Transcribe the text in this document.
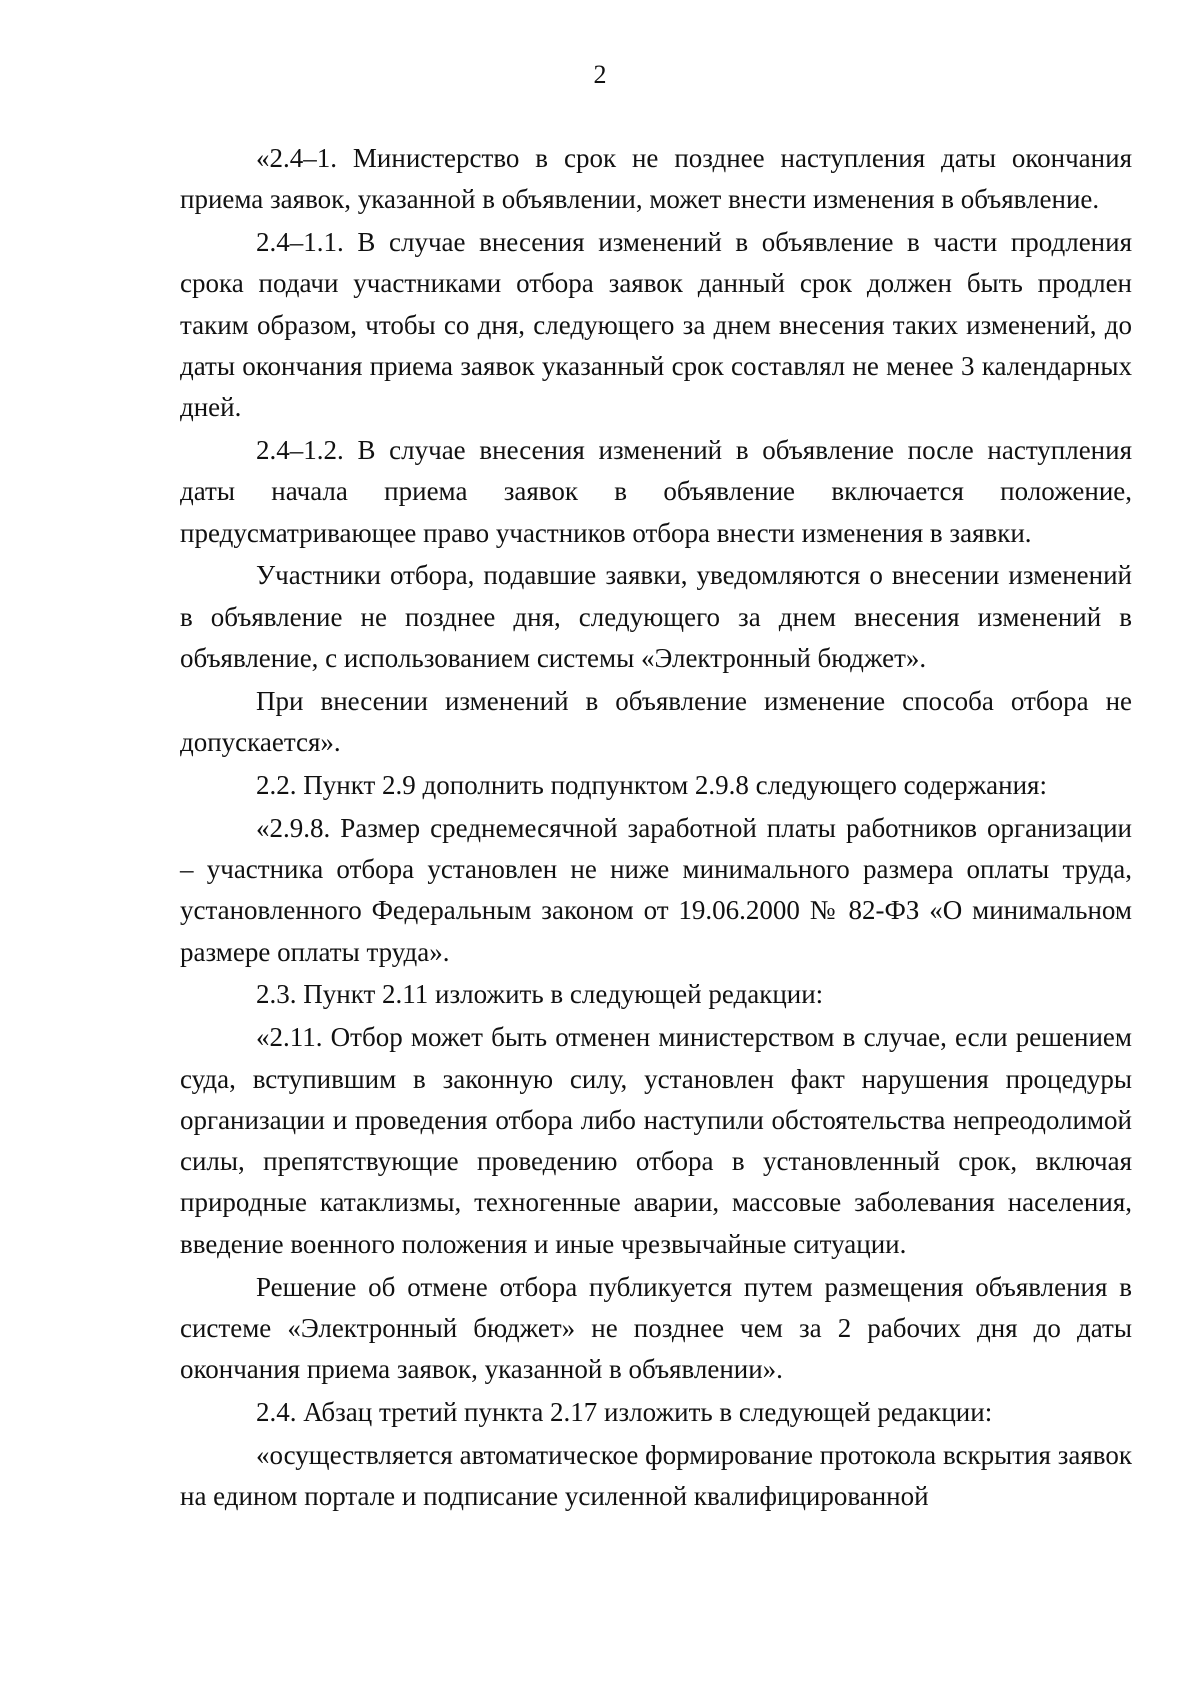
2

«2.4–1. Министерство в срок не позднее наступления даты окончания приема заявок, указанной в объявлении, может внести изменения в объявление.

2.4–1.1. В случае внесения изменений в объявление в части продления срока подачи участниками отбора заявок данный срок должен быть продлен таким образом, чтобы со дня, следующего за днем внесения таких изменений, до даты окончания приема заявок указанный срок составлял не менее 3 календарных дней.

2.4–1.2. В случае внесения изменений в объявление после наступления даты начала приема заявок в объявление включается положение, предусматривающее право участников отбора внести изменения в заявки.

Участники отбора, подавшие заявки, уведомляются о внесении изменений в объявление не позднее дня, следующего за днем внесения изменений в объявление, с использованием системы «Электронный бюджет».

При внесении изменений в объявление изменение способа отбора не допускается».

2.2. Пункт 2.9 дополнить подпунктом 2.9.8 следующего содержания:

«2.9.8. Размер среднемесячной заработной платы работников организации – участника отбора установлен не ниже минимального размера оплаты труда, установленного Федеральным законом от 19.06.2000 № 82-ФЗ «О минимальном размере оплаты труда».

2.3. Пункт 2.11 изложить в следующей редакции:

«2.11. Отбор может быть отменен министерством в случае, если решением суда, вступившим в законную силу, установлен факт нарушения процедуры организации и проведения отбора либо наступили обстоятельства непреодолимой силы, препятствующие проведению отбора в установленный срок, включая природные катаклизмы, техногенные аварии, массовые заболевания населения, введение военного положения и иные чрезвычайные ситуации.

Решение об отмене отбора публикуется путем размещения объявления в системе «Электронный бюджет» не позднее чем за 2 рабочих дня до даты окончания приема заявок, указанной в объявлении».

2.4. Абзац третий пункта 2.17 изложить в следующей редакции:

«осуществляется автоматическое формирование протокола вскрытия заявок на едином портале и подписание усиленной квалифицированной
